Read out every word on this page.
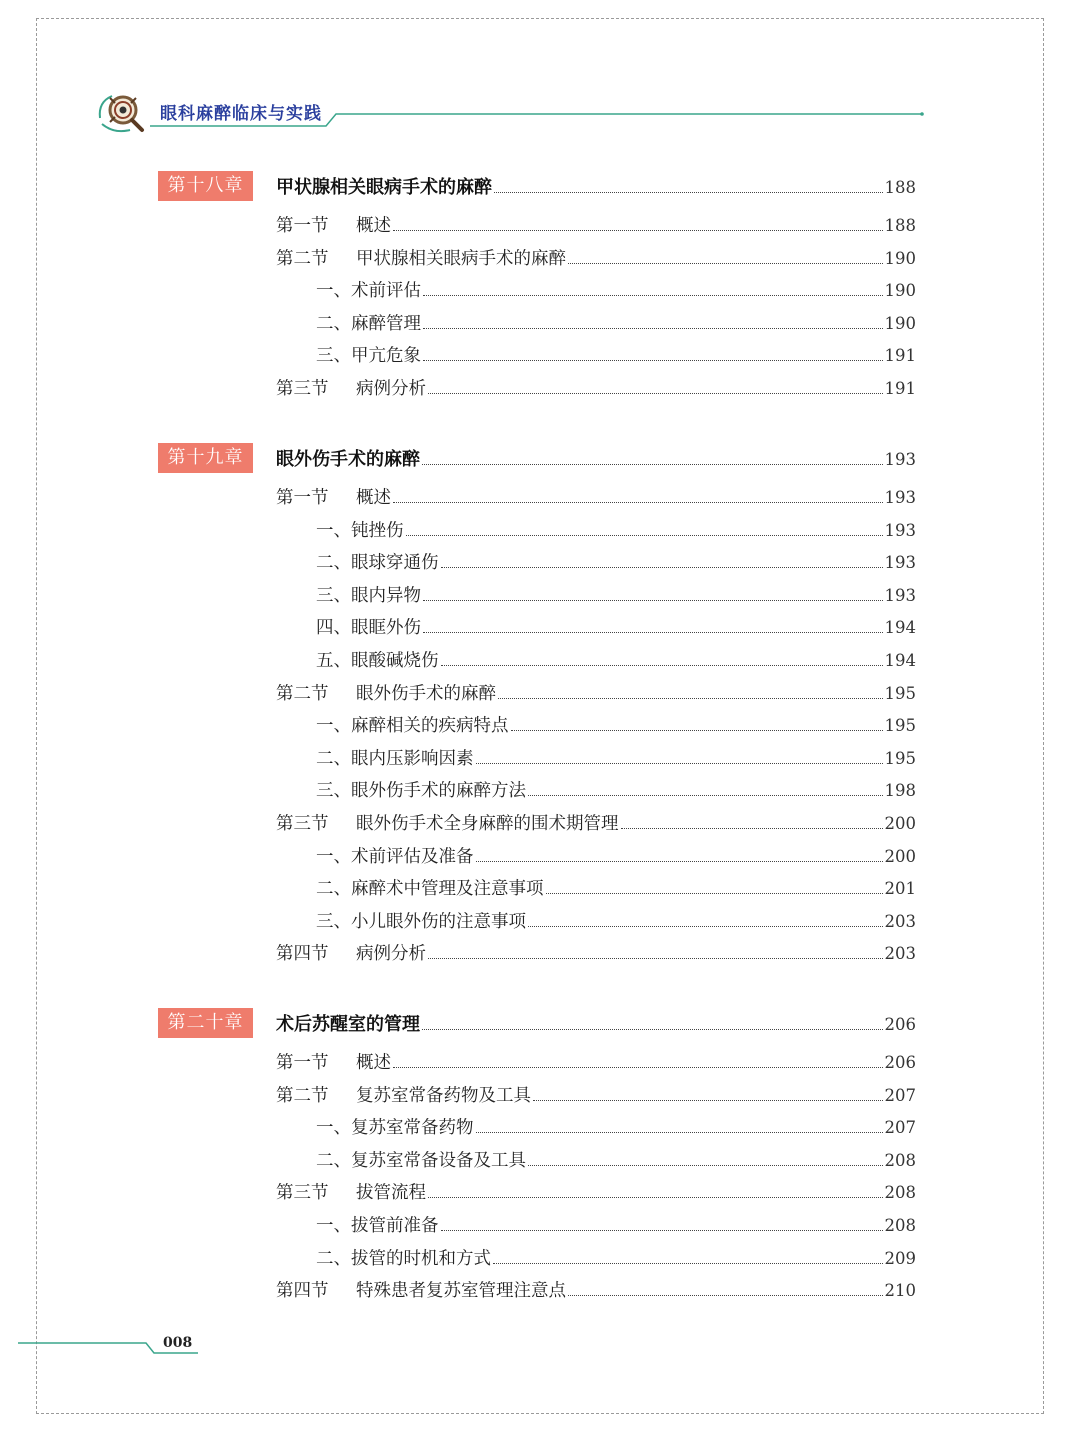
眼科麻醉临床与实践
第十八章	甲状腺相关眼病手术的麻醉	188
第一节 概述	188
第二节 甲状腺相关眼病手术的麻醉	190
一、术前评估	190
二、麻醉管理	190
三、甲亢危象	191
第三节 病例分析	191
第十九章	眼外伤手术的麻醉	193
第一节 概述	193
一、钝挫伤	193
二、眼球穿通伤	193
三、眼内异物	193
四、眼眶外伤	194
五、眼酸碱烧伤	194
第二节 眼外伤手术的麻醉	195
一、麻醉相关的疾病特点	195
二、眼内压影响因素	195
三、眼外伤手术的麻醉方法	198
第三节 眼外伤手术全身麻醉的围术期管理	200
一、术前评估及准备	200
二、麻醉术中管理及注意事项	201
三、小儿眼外伤的注意事项	203
第四节 病例分析	203
第二十章	术后苏醒室的管理	206
第一节 概述	206
第二节 复苏室常备药物及工具	207
一、复苏室常备药物	207
二、复苏室常备设备及工具	208
第三节 拔管流程	208
一、拔管前准备	208
二、拔管的时机和方式	209
第四节 特殊患者复苏室管理注意点	210
008
